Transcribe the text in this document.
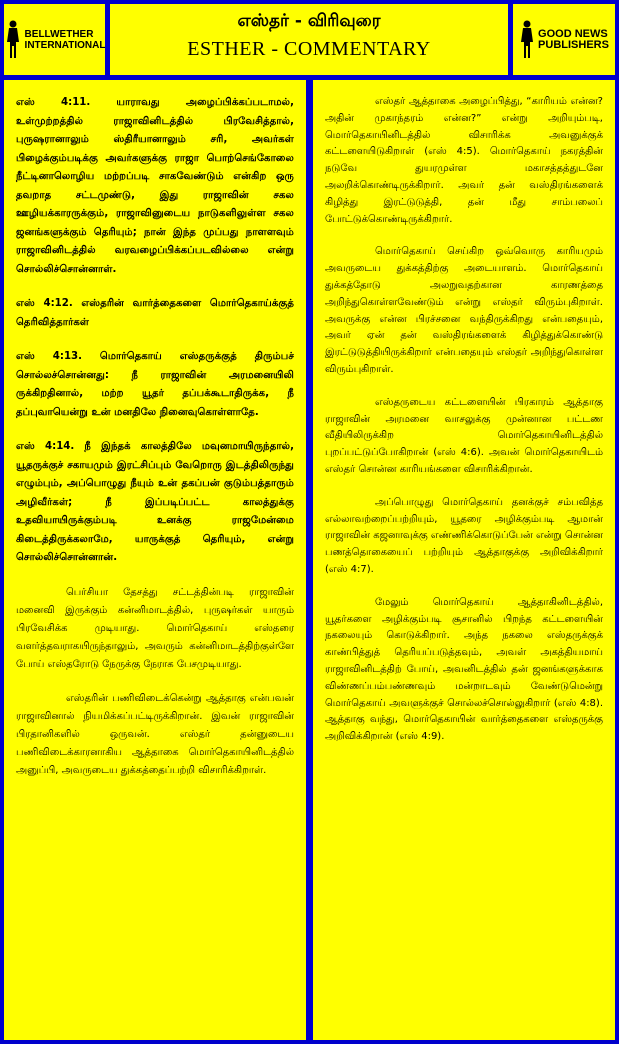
BELLWETHER
INTERNATIONAL
எஸ்தர் - விரிவுரை
ESTHER - COMMENTARY
GOOD NEWS
PUBLISHERS

எஸ் 4:11. யாராவது அழைப்பிக்கப்படாமல், உள்முற்றத்தில் ராஜாவினிடத்தில் பிரவேசித்தால், புருஷரானாலும் ஸ்திரீயானாலும் சரி, அவர்கள் பிழைக்கும்படிக்கு அவர்களுக்கு ராஜா பொற்செங்கோலை நீட்டினாலொழிய மற்றப்படி சாகவேண்டும் என்கிற ஒரு தவறாத சட்டமுண்டு, இது ராஜாவின் சகல ஊழியக்காரருக்கும், ராஜாவினுடைய நாடுகளிலுள்ள சகல ஜனங்களுக்கும் தெரியும்; நான் இந்த முப்பது நாளளவும் ராஜாவினிடத்தில் வரவழைப்பிக்கப்படவில்லை என்று சொல்லிச்சொன்னாள்.

எஸ் 4:12. எஸ்தரின் வார்த்தைகளை மொர்தெகாய்க்குத் தெரிவித்தார்கள்

எஸ் 4:13. மொர்தெகாய் எஸ்தருக்குத் திரும்பச் சொல்லச்சொன்னது: நீ ராஜாவின் அரமனையிலி ருக்கிறதினால், மற்ற யூதர் தப்பக்கூடாதிருக்க, நீ தப்புவாயென்று உன் மனதிலே நினைவுகொள்ளாதே.

எஸ் 4:14. நீ இந்தக் காலத்திலே மவுனமாயிருந்தால், யூதருக்குச் சகாயமும் இரட்சிப்பும் வேறொரு இடத்திலிருந்து எழும்பும், அப்பொழுது நீயும் உன் தகப்பன் குடும்பத்தாரும் அழிவீர்கள்; நீ இப்படிப்பட்ட காலத்துக்கு உதவியாயிருக்கும்படி உனக்கு ராஜமேன்மை கிடைத்திருக்கலாமே, யாருக்குத் தெரியும், என்று சொல்லிச்சொன்னான்.

பெர்சியா தேசத்து சட்டத்தின்படி ராஜாவின் மனைவி இருக்கும் கன்னிமாடத்தில், புருஷர்கள் யாரும் பிரவேசிக்க முடியாது. மொர்தெகாய் எஸ்தரை வளர்த்தவராகயிருந்தாலும், அவரும் கன்னிமாடத்திற்குள்ளே போய் எஸ்தரோடு நேருக்கு நேராக பேசமுடியாது.

எஸ்தரின் பணிவிடைக்கென்று ஆத்தாகு என்பவன் ராஜாவினால் நியமிக்கப்பட்டிருக்கிறான். இவன் ராஜாவின் பிரதானிகளில் ஒருவன். எஸ்தர் தன்னுடைய பணிவிடைக்காரனாகிய ஆத்தாகை மொர்தெகாயினிடத்தில் அனுப்பி, அவருடைய துக்கத்தைப்பற்றி விசாரிக்கிறாள்.

எஸ்தர் ஆத்தாகை அழைப்பித்து, “காரியம் என்ன? அதின் முகாந்தரம் என்ன?” என்று அறியும்படி, மொர்தெகாயினிடத்தில் விசாரிக்க அவனுக்குக் கட்டளையிடுகிறாள் (எஸ் 4:5). மொர்தெகாய் நகரத்தின் நடுவே துயரமுள்ள மகாசத்தத்துடனே அலறிக்கொண்டிருக்கிறார். அவர் தன் வஸ்திரங்களைக் கிழித்து இரட்டுடுத்தி, தன் மீது சாம்பலைப் போட்டுக்கொண்டிருக்கிறார்.

மொர்தெகாய் செய்கிற ஒவ்வொரு காரியமும் அவருடைய துக்கத்திற்கு அடையாளம். மொர்தெகாய் துக்கத்தோடு அலறுவதற்கான காரணத்தை அறிந்துகொள்ளவேண்டும் என்று எஸ்தர் விரும்புகிறாள். அவருக்கு என்ன பிரச்சனை வந்திருக்கிறது என்பதையும், அவர் ஏன் தன் வஸ்திரங்களைக் கிழித்துக்கொண்டு இரட்டுடுத்தியிருக்கிறார் என்பதையும் எஸ்தர் அறிந்துகொள்ள விரும்புகிறாள்.

எஸ்தருடைய கட்டளையின் பிரகாரம் ஆத்தாகு ராஜாவின் அரமனை வாசலுக்கு முன்னான பட்டண வீதியிலிருக்கிற மொர்தெகாயினிடத்தில் புறப்பட்டுப்போகிறான் (எஸ் 4:6). அவன் மொர்தெகாயிடம் எஸ்தர் சொன்ன காரியங்களை விசாரிக்கிறான்.

அப்பொழுது மொர்தெகாய் தனக்குச் சம்பவித்த எல்லாவற்றைப்பற்றியும், யூதரை அழிக்கும்படி ஆமான் ராஜாவின் கஜனாவுக்கு எண்ணிக்கொடுப்பேன் என்று சொன்ன பணத்தொகையைப் பற்றியும் ஆத்தாகுக்கு அறிவிக்கிறார் (எஸ் 4:7).

மேலும் மொர்தெகாய் ஆத்தாகினிடத்தில், யூதர்களை அழிக்கும்படி சூசானில் பிறந்த கட்டளையின் நகலையும் கொடுக்கிறார். அந்த நகலை எஸ்தருக்குக் காண்பித்துத் தெரியப்படுத்தவும், அவள் அகத்தியமாய் ராஜாவினிடத்திற் போய், அவனிடத்தில் தன் ஜனங்களுக்காக விண்ணப்பம்பண்ணவும் மன்றாடவும் வேண்டுமென்று மொர்தெகாய் அவளுக்குச் சொல்லச்சொல்லுகிறார் (எஸ் 4:8). ஆத்தாகு வந்து, மொர்தெகாயின் வார்த்தைகளை எஸ்தருக்கு அறிவிக்கிறான் (எஸ் 4:9).
